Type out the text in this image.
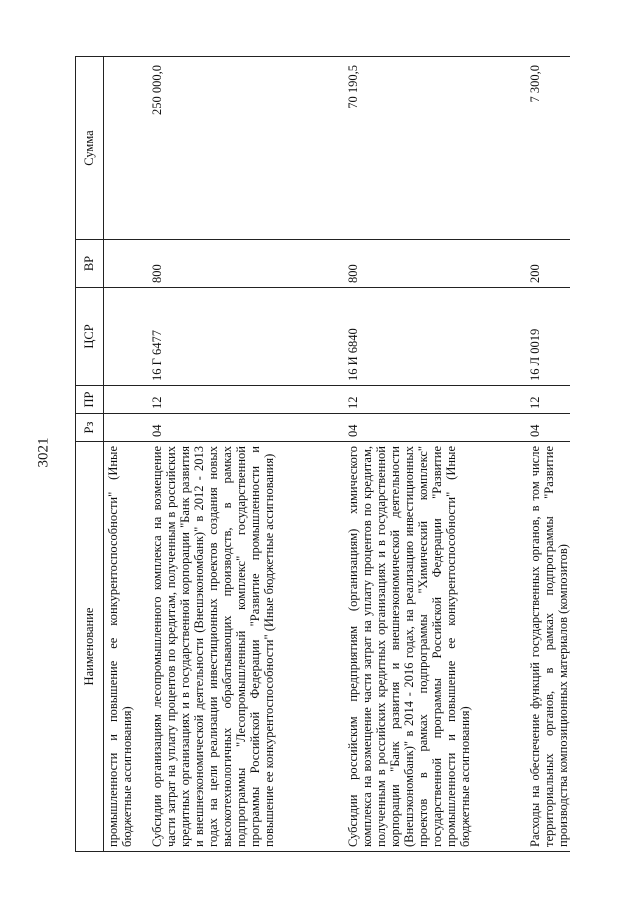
3021
Наименование	Рз	ПР	ЦСР	ВР	Сумма
промышленности и повышение ее конкурентоспособности" (Иные бюджетные ассигнования)					
Субсидии организациям лесопромышленного комплекса на возмещение части затрат на уплату процентов по кредитам, полученным в российских кредитных организациях и в государственной корпорации "Банк развития и внешнеэкономической деятельности (Внешэкономбанк)" в 2012 - 2013 годах на цели реализации инвестиционных проектов создания новых высокотехнологичных обрабатывающих производств, в рамках подпрограммы "Лесопромышленный комплекс" государственной программы Российской Федерации "Развитие промышленности и повышение ее конкурентоспособности" (Иные бюджетные ассигнования)	04	12	16 Г 6477	800	250 000,0
Субсидии российским предприятиям (организациям) химического комплекса на возмещение части затрат на уплату процентов по кредитам, полученным в российских кредитных организациях и в государственной корпорации "Банк развития и внешнеэкономической деятельности (Внешэкономбанк)" в 2014 - 2016 годах, на реализацию инвестиционных проектов в рамках подпрограммы "Химический комплекс" государственной программы Российской Федерации "Развитие промышленности и повышение ее конкурентоспособности" (Иные бюджетные ассигнования)	04	12	16 И 6840	800	70 190,5
Расходы на обеспечение функций государственных органов, в том числе территориальных органов, в рамках подпрограммы "Развитие производства композиционных материалов (композитов)	04	12	16 Л 0019	200	7 300,0
